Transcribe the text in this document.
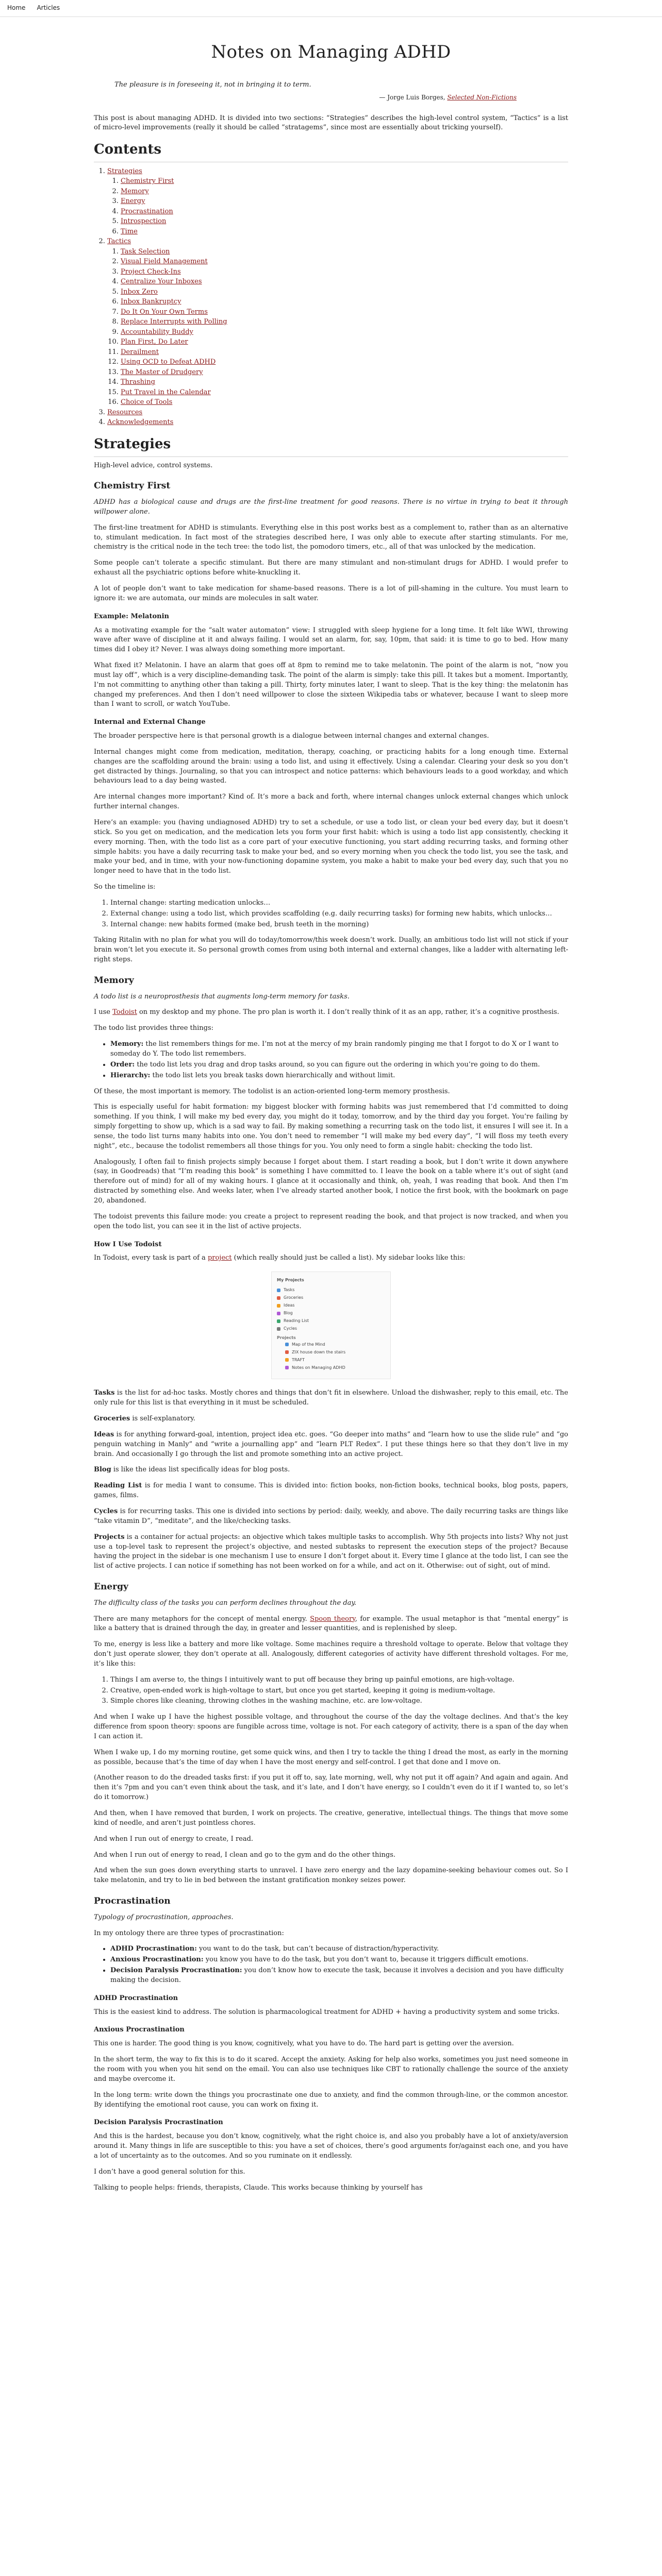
Home Articles
Notes on Managing ADHD

The pleasure is in foreseeing it, not in bringing it to term.

— Jorge Luis Borges, Selected Non-Fictions

This post is about managing ADHD. It is divided into two sections: “Strategies” describes the high-level control system, “Tactics” is a list of micro-level improvements (really it should be called “stratagems”, since most are essentially about tricking yourself).

Contents
1. Strategies
1. Chemistry First
2. Memory
3. Energy
4. Procrastination
5. Introspection
6. Time
2. Tactics
1. Task Selection
2. Visual Field Management
3. Project Check-Ins
4. Centralize Your Inboxes
5. Inbox Zero
6. Inbox Bankruptcy
7. Do It On Your Own Terms
8. Replace Interrupts with Polling
9. Accountability Buddy
10. Plan First, Do Later
11. Derailment
12. Using OCD to Defeat ADHD
13. The Master of Drudgery
14. Thrashing
15. Put Travel in the Calendar
16. Choice of Tools
3. Resources
4. Acknowledgements
Strategies

High-level advice, control systems.

Chemistry First

ADHD has a biological cause and drugs are the first-line treatment for good reasons. There is no virtue in trying to beat it through willpower alone.

The first-line treatment for ADHD is stimulants. Everything else in this post works best as a complement to, rather than as an alternative to, stimulant medication. In fact most of the strategies described here, I was only able to execute after starting stimulants. For me, chemistry is the critical node in the tech tree: the todo list, the pomodoro timers, etc., all of that was unlocked by the medication.

Some people can’t tolerate a specific stimulant. But there are many stimulant and non-stimulant drugs for ADHD. I would prefer to exhaust all the psychiatric options before white-knuckling it.

A lot of people don’t want to take medication for shame-based reasons. There is a lot of pill-shaming in the culture. You must learn to ignore it: we are automata, our minds are molecules in salt water.

Example: Melatonin

As a motivating example for the “salt water automaton” view: I struggled with sleep hygiene for a long time. It felt like WWI, throwing wave after wave of discipline at it and always failing. I would set an alarm, for, say, 10pm, that said: it is time to go to bed. How many times did I obey it? Never. I was always doing something more important.

What fixed it? Melatonin. I have an alarm that goes off at 8pm to remind me to take melatonin. The point of the alarm is not, “now you must lay off”, which is a very discipline-demanding task. The point of the alarm is simply: take this pill. It takes but a moment. Importantly, I’m not committing to anything other than taking a pill. Thirty, forty minutes later, I want to sleep. That is the key thing: the melatonin has changed my preferences. And then I don’t need willpower to close the sixteen Wikipedia tabs or whatever, because I want to sleep more than I want to scroll, or watch YouTube.

Internal and External Change

The broader perspective here is that personal growth is a dialogue between internal changes and external changes.

Internal changes might come from medication, meditation, therapy, coaching, or practicing habits for a long enough time. External changes are the scaffolding around the brain: using a todo list, and using it effectively. Using a calendar. Clearing your desk so you don’t get distracted by things. Journaling, so that you can introspect and notice patterns: which behaviours leads to a good workday, and which behaviours lead to a day being wasted.

Are internal changes more important? Kind of. It’s more a back and forth, where internal changes unlock external changes which unlock further internal changes.

Here’s an example: you (having undiagnosed ADHD) try to set a schedule, or use a todo list, or clean your bed every day, but it doesn’t stick. So you get on medication, and the medication lets you form your first habit: which is using a todo list app consistently, checking it every morning. Then, with the todo list as a core part of your executive functioning, you start adding recurring tasks, and forming other simple habits: you have a daily recurring task to make your bed, and so every morning when you check the todo list, you see the task, and make your bed, and in time, with your now-functioning dopamine system, you make a habit to make your bed every day, such that you no longer need to have that in the todo list.

So the timeline is:

1. Internal change: starting medication unlocks…
2. External change: using a todo list, which provides scaffolding (e.g. daily recurring tasks) for forming new habits, which unlocks…
3. Internal change: new habits formed (make bed, brush teeth in the morning)

Taking Ritalin with no plan for what you will do today/tomorrow/this week doesn’t work. Dually, an ambitious todo list will not stick if your brain won’t let you execute it. So personal growth comes from using both internal and external changes, like a ladder with alternating left-right steps.

Memory

A todo list is a neuroprosthesis that augments long-term memory for tasks.

I use Todoist on my desktop and my phone. The pro plan is worth it. I don’t really think of it as an app, rather, it’s a cognitive prosthesis.

The todo list provides three things:

• Memory: the list remembers things for me. I’m not at the mercy of my brain randomly pinging me that I forgot to do X or I want to someday do Y. The todo list remembers.
• Order: the todo list lets you drag and drop tasks around, so you can figure out the ordering in which you’re going to do them.
• Hierarchy: the todo list lets you break tasks down hierarchically and without limit.

Of these, the most important is memory. The todolist is an action-oriented long-term memory prosthesis.

This is especially useful for habit formation: my biggest blocker with forming habits was just remembered that I’d committed to doing something. If you think, I will make my bed every day, you might do it today, tomorrow, and by the third day you forget. You’re failing by simply forgetting to show up, which is a sad way to fail. By making something a recurring task on the todo list, it ensures I will see it. In a sense, the todo list turns many habits into one. You don’t need to remember “I will make my bed every day”, “I will floss my teeth every night”, etc., because the todolist remembers all those things for you. You only need to form a single habit: checking the todo list.

Analogously, I often fail to finish projects simply because I forget about them. I start reading a book, but I don’t write it down anywhere (say, in Goodreads) that “I’m reading this book” is something I have committed to. I leave the book on a table where it’s out of sight (and therefore out of mind) for all of my waking hours. I glance at it occasionally and think, oh, yeah, I was reading that book. And then I’m distracted by something else. And weeks later, when I’ve already started another book, I notice the first book, with the bookmark on page 20, abandoned.

The todoist prevents this failure mode: you create a project to represent reading the book, and that project is now tracked, and when you open the todo list, you can see it in the list of active projects.

How I Use Todoist

In Todoist, every task is part of a project (which really should just be called a list). My sidebar looks like this:

My Projects
Tasks
Groceries
Ideas
Blog
Reading List
Cycles
Projects
Map of the Mind
ZIX house down the stairs
TRAFT
Notes on Managing ADHD

Tasks is the list for ad-hoc tasks. Mostly chores and things that don’t fit in elsewhere. Unload the dishwasher, reply to this email, etc. The only rule for this list is that everything in it must be scheduled.

Groceries is self-explanatory.

Ideas is for anything forward-goal, intention, project idea etc. goes. “Go deeper into maths” and “learn how to use the slide rule” and “go penguin watching in Manly” and “write a journalling app” and “learn PLT Redex”. I put these things here so that they don’t live in my brain. And occasionally I go through the list and promote something into an active project.

Blog is like the ideas list specifically ideas for blog posts.

Reading List is for media I want to consume. This is divided into: fiction books, non-fiction books, technical books, blog posts, papers, games, films.

Cycles is for recurring tasks. This one is divided into sections by period: daily, weekly, and above. The daily recurring tasks are things like “take vitamin D”, “meditate”, and the like/checking tasks.

Projects is a container for actual projects: an objective which takes multiple tasks to accomplish. Why 5th projects into lists? Why not just use a top-level task to represent the project’s objective, and nested subtasks to represent the execution steps of the project? Because having the project in the sidebar is one mechanism I use to ensure I don’t forget about it. Every time I glance at the todo list, I can see the list of active projects. I can notice if something has not been worked on for a while, and act on it. Otherwise: out of sight, out of mind.

Energy

The difficulty class of the tasks you can perform declines throughout the day.

There are many metaphors for the concept of mental energy. Spoon theory, for example. The usual metaphor is that “mental energy” is like a battery that is drained through the day, in greater and lesser quantities, and is replenished by sleep.

To me, energy is less like a battery and more like voltage. Some machines require a threshold voltage to operate. Below that voltage they don’t just operate slower, they don’t operate at all. Analogously, different categories of activity have different threshold voltages. For me, it’s like this:

1. Things I am averse to, the things I intuitively want to put off because they bring up painful emotions, are high-voltage.
2. Creative, open-ended work is high-voltage to start, but once you get started, keeping it going is medium-voltage.
3. Simple chores like cleaning, throwing clothes in the washing machine, etc. are low-voltage.

And when I wake up I have the highest possible voltage, and throughout the course of the day the voltage declines. And that’s the key difference from spoon theory: spoons are fungible across time, voltage is not. For each category of activity, there is a span of the day when I can action it.

When I wake up, I do my morning routine, get some quick wins, and then I try to tackle the thing I dread the most, as early in the morning as possible, because that’s the time of day when I have the most energy and self-control. I get that done and I move on.

(Another reason to do the dreaded tasks first: if you put it off to, say, late morning, well, why not put it off again? And again and again. And then it’s 7pm and you can’t even think about the task, and it’s late, and I don’t have energy, so I couldn’t even do it if I wanted to, so let’s do it tomorrow.)

And then, when I have removed that burden, I work on projects. The creative, generative, intellectual things. The things that move some kind of needle, and aren’t just pointless chores.

And when I run out of energy to create, I read.

And when I run out of energy to read, I clean and go to the gym and do the other things.

And when the sun goes down everything starts to unravel. I have zero energy and the lazy dopamine-seeking behaviour comes out. So I take melatonin, and try to lie in bed between the instant gratification monkey seizes power.

Procrastination

Typology of procrastination, approaches.

In my ontology there are three types of procrastination:

• ADHD Procrastination: you want to do the task, but can’t because of distraction/hyperactivity.
• Anxious Procrastination: you know you have to do the task, but you don’t want to, because it triggers difficult emotions.
• Decision Paralysis Procrastination: you don’t know how to execute the task, because it involves a decision and you have difficulty making the decision.
ADHD Procrastination

This is the easiest kind to address. The solution is pharmacological treatment for ADHD + having a productivity system and some tricks.

Anxious Procrastination

This one is harder. The good thing is you know, cognitively, what you have to do. The hard part is getting over the aversion.

In the short term, the way to fix this is to do it scared. Accept the anxiety. Asking for help also works, sometimes you just need someone in the room with you when you hit send on the email. You can also use techniques like CBT to rationally challenge the source of the anxiety and maybe overcome it.

In the long term: write down the things you procrastinate one due to anxiety, and find the common through-line, or the common ancestor. By identifying the emotional root cause, you can work on fixing it.

Decision Paralysis Procrastination

And this is the hardest, because you don’t know, cognitively, what the right choice is, and also you probably have a lot of anxiety/aversion around it. Many things in life are susceptible to this: you have a set of choices, there’s good arguments for/against each one, and you have a lot of uncertainty as to the outcomes. And so you ruminate on it endlessly.

I don’t have a good general solution for this.

Talking to people helps: friends, therapists, Claude. This works because thinking by yourself has
